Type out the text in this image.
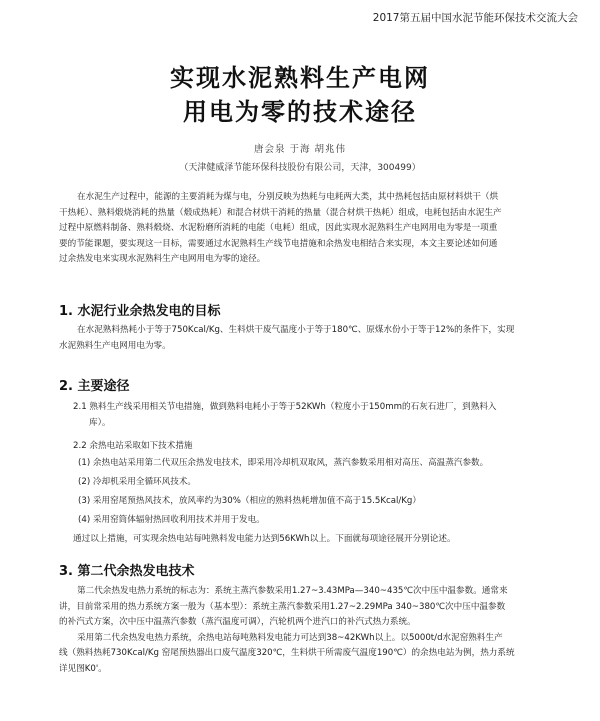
2017第五届中国水泥节能环保技术交流大会
实现水泥熟料生产电网
用电为零的技术途径
唐会泉 于海 胡兆伟
（天津健威泽节能环保科技股份有限公司，天津，300499）
在水泥生产过程中，能源的主要消耗为煤与电，分别反映为热耗与电耗两大类，其中热耗包括由原材料烘干（烘
干热耗）、熟料煅烧消耗的热量（煅成热耗）和混合材烘干消耗的热量（混合材烘干热耗）组成，电耗包括由水泥生产
过程中原燃料制备、熟料煅烧、水泥粉磨所消耗的电能（电耗）组成，因此实现水泥熟料生产电网用电为零是一项重
要的节能课题，要实现这一目标，需要通过水泥熟料生产线节电措施和余热发电相结合来实现，本文主要论述如何通
过余热发电来实现水泥熟料生产电网用电为零的途径。
1. 水泥行业余热发电的目标
在水泥熟料热耗小于等于750Kcal/Kg、生料烘干废气温度小于等于180℃、原煤水份小于等于12%的条件下，实现
水泥熟料生产电网用电为零。
2. 主要途径
2.1 熟料生产线采用相关节电措施，做到熟料电耗小于等于52KWh（粒度小于150mm的石灰石进厂，到熟料入
库）。
2.2 余热电站采取如下技术措施
(1) 余热电站采用第二代双压余热发电技术，即采用冷却机双取风，蒸汽参数采用相对高压、高温蒸汽参数。
(2) 冷却机采用全循环风技术。
(3) 采用窑尾预热风技术，放风率约为30%（相应的熟料热耗增加值不高于15.5Kcal/Kg）
(4) 采用窑筒体辐射热回收利用技术并用于发电。
通过以上措施，可实现余热电站每吨熟料发电能力达到56KWh以上。下面就每项途径展开分别论述。
3. 第二代余热发电技术
第二代余热发电热力系统的标志为：系统主蒸汽参数采用1.27~3.43MPa—340~435℃次中压中温参数。通常来
讲，目前常采用的热力系统方案一般为（基本型）：系统主蒸汽参数采用1.27~2.29MPa 340~380℃次中压中温参数
的补汽式方案，次中压中温蒸汽参数（蒸汽温度可调），汽轮机两个进汽口的补汽式热力系统。
采用第二代余热发电热力系统，余热电站每吨熟料发电能力可达到38~42KWh以上。以5000t/d水泥窑熟料生产
线（熟料热耗730Kcal/Kg 窑尾预热器出口废气温度320℃，生料烘干所需废气温度190℃）的余热电站为例，热力系统
详见图K0'。
